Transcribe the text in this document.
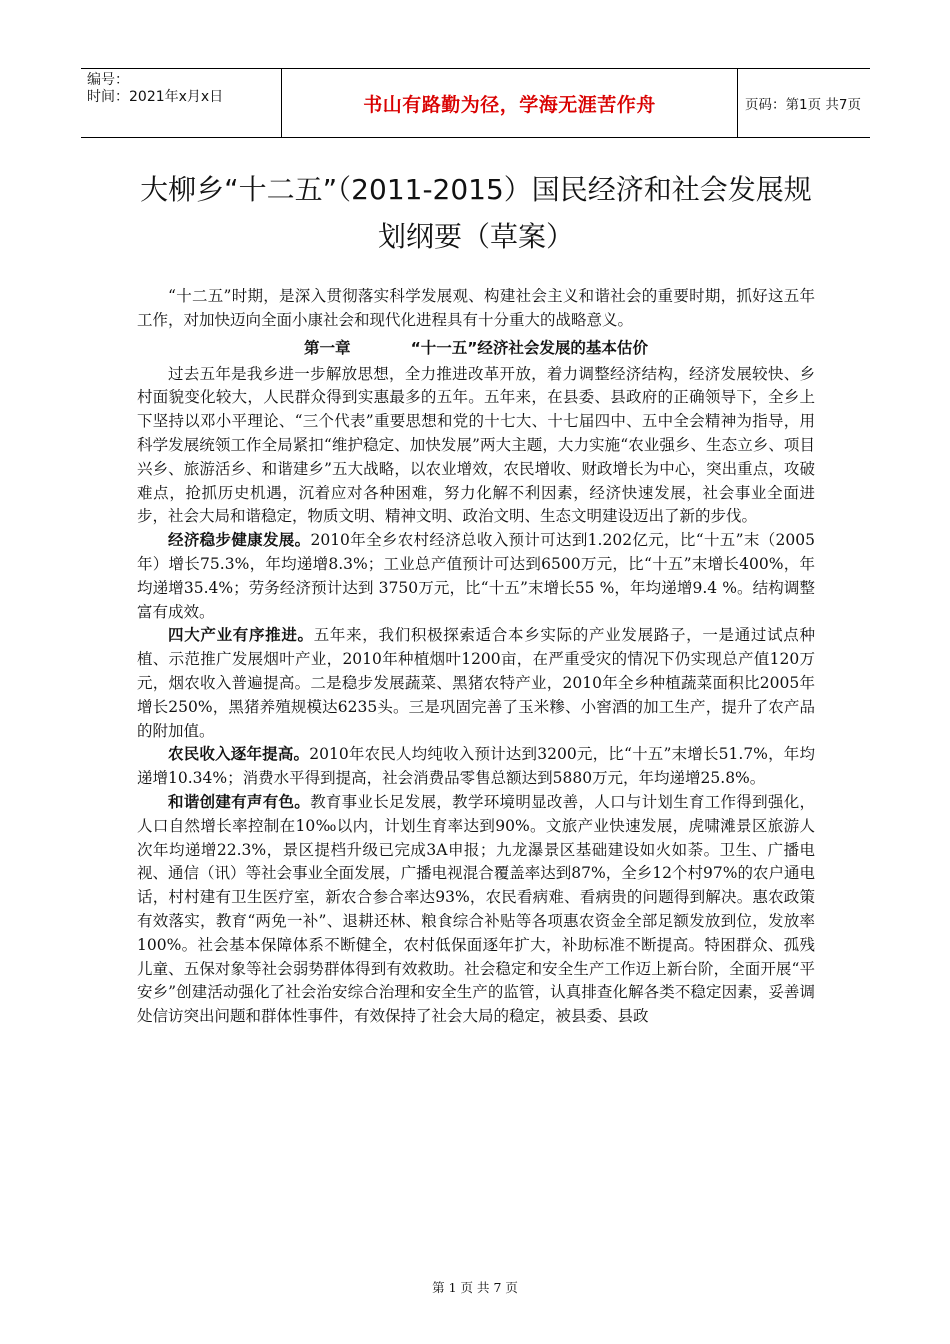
编号：
时间：2021年x月x日	书山有路勤为径，学海无涯苦作舟	页码：第1页 共7页
大柳乡“十二五”（2011-2015）国民经济和社会发展规划纲要（草案）

“十二五”时期，是深入贯彻落实科学发展观、构建社会主义和谐社会的重要时期，抓好这五年工作，对加快迈向全面小康社会和现代化进程具有十分重大的战略意义。

第一章	“十一五”经济社会发展的基本估价

过去五年是我乡进一步解放思想，全力推进改革开放，着力调整经济结构，经济发展较快、乡村面貌变化较大，人民群众得到实惠最多的五年。五年来，在县委、县政府的正确领导下，全乡上下坚持以邓小平理论、“三个代表”重要思想和党的十七大、十七届四中、五中全会精神为指导，用科学发展统领工作全局紧扣“维护稳定、加快发展”两大主题，大力实施“农业强乡、生态立乡、项目兴乡、旅游活乡、和谐建乡”五大战略，以农业增效，农民增收、财政增长为中心，突出重点，攻破难点，抢抓历史机遇，沉着应对各种困难，努力化解不利因素，经济快速发展，社会事业全面进步，社会大局和谐稳定，物质文明、精神文明、政治文明、生态文明建设迈出了新的步伐。

经济稳步健康发展。2010年全乡农村经济总收入预计可达到1.202亿元，比“十五”末（2005年）增长75.3%，年均递增8.3%；工业总产值预计可达到6500万元，比“十五”末增长400%，年均递增35.4%；劳务经济预计达到 3750万元，比“十五”末增长55 %，年均递增9.4 %。结构调整富有成效。

四大产业有序推进。五年来，我们积极探索适合本乡实际的产业发展路子，一是通过试点种植、示范推广发展烟叶产业，2010年种植烟叶1200亩，在严重受灾的情况下仍实现总产值120万元，烟农收入普遍提高。二是稳步发展蔬菜、黑猪农特产业，2010年全乡种植蔬菜面积比2005年增长250%，黑猪养殖规模达6235头。三是巩固完善了玉米糁、小窖酒的加工生产，提升了农产品的附加值。

农民收入逐年提高。2010年农民人均纯收入预计达到3200元，比“十五”末增长51.7%，年均递增10.34%；消费水平得到提高，社会消费品零售总额达到5880万元，年均递增25.8%。

和谐创建有声有色。教育事业长足发展，教学环境明显改善，人口与计划生育工作得到强化，人口自然增长率控制在10‰以内，计划生育率达到90%。文旅产业快速发展，虎啸滩景区旅游人次年均递增22.3%，景区提档升级已完成3A申报；九龙瀑景区基础建设如火如荼。卫生、广播电视、通信（讯）等社会事业全面发展，广播电视混合覆盖率达到87%，全乡12个村97%的农户通电话，村村建有卫生医疗室，新农合参合率达93%，农民看病难、看病贵的问题得到解决。惠农政策有效落实，教育“两免一补”、退耕还林、粮食综合补贴等各项惠农资金全部足额发放到位，发放率100%。社会基本保障体系不断健全，农村低保面逐年扩大，补助标准不断提高。特困群众、孤残儿童、五保对象等社会弱势群体得到有效救助。社会稳定和安全生产工作迈上新台阶，全面开展“平安乡”创建活动强化了社会治安综合治理和安全生产的监管，认真排查化解各类不稳定因素，妥善调处信访突出问题和群体性事件，有效保持了社会大局的稳定，被县委、县政

第 1 页 共 7 页
